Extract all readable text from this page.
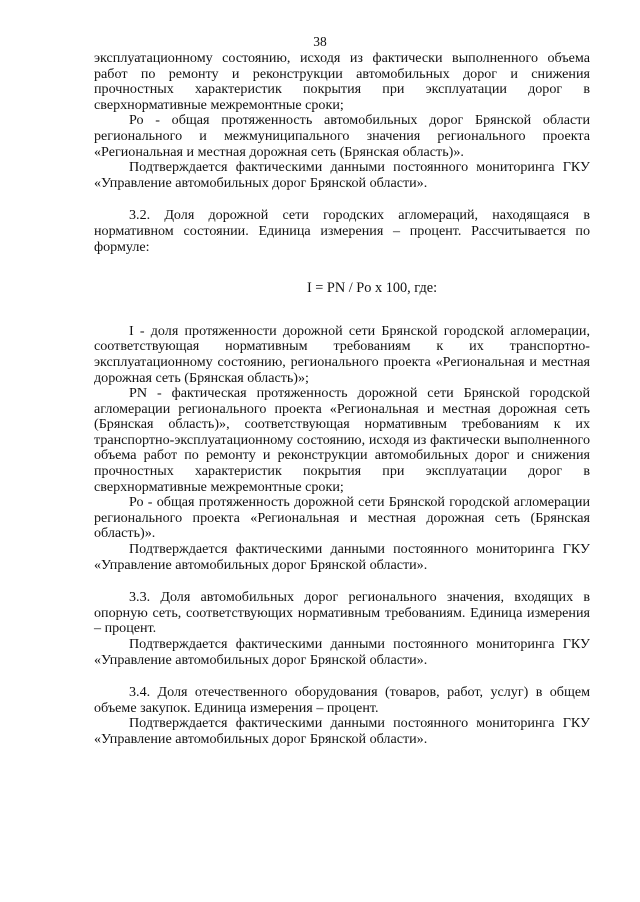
38

эксплуатационному состоянию, исходя из фактически выполненного объема работ по ремонту и реконструкции автомобильных дорог и снижения прочностных характеристик покрытия при эксплуатации дорог в сверхнормативные межремонтные сроки;

Ро - общая протяженность автомобильных дорог Брянской области регионального и межмуниципального значения регионального проекта «Региональная и местная дорожная сеть (Брянская область)».

Подтверждается фактическими данными постоянного мониторинга ГКУ «Управление автомобильных дорог Брянской области».

3.2. Доля дорожной сети городских агломераций, находящаяся в нормативном состоянии. Единица измерения – процент. Рассчитывается по формуле:

I = PN / Po x 100, где:

I - доля протяженности дорожной сети Брянской городской агломерации, соответствующая нормативным требованиям к их транспортно-эксплуатационному состоянию, регионального проекта «Региональная и местная дорожная сеть (Брянская область)»;

PN - фактическая протяженность дорожной сети Брянской городской агломерации регионального проекта «Региональная и местная дорожная сеть (Брянская область)», соответствующая нормативным требованиям к их транспортно-эксплуатационному состоянию, исходя из фактически выполненного объема работ по ремонту и реконструкции автомобильных дорог и снижения прочностных характеристик покрытия при эксплуатации дорог в сверхнормативные межремонтные сроки;

Ро - общая протяженность дорожной сети Брянской городской агломерации регионального проекта «Региональная и местная дорожная сеть (Брянская область)».

Подтверждается фактическими данными постоянного мониторинга ГКУ «Управление автомобильных дорог Брянской области».

3.3. Доля автомобильных дорог регионального значения, входящих в опорную сеть, соответствующих нормативным требованиям. Единица измерения – процент.

Подтверждается фактическими данными постоянного мониторинга ГКУ «Управление автомобильных дорог Брянской области».

3.4. Доля отечественного оборудования (товаров, работ, услуг) в общем объеме закупок. Единица измерения – процент.

Подтверждается фактическими данными постоянного мониторинга ГКУ «Управление автомобильных дорог Брянской области».
